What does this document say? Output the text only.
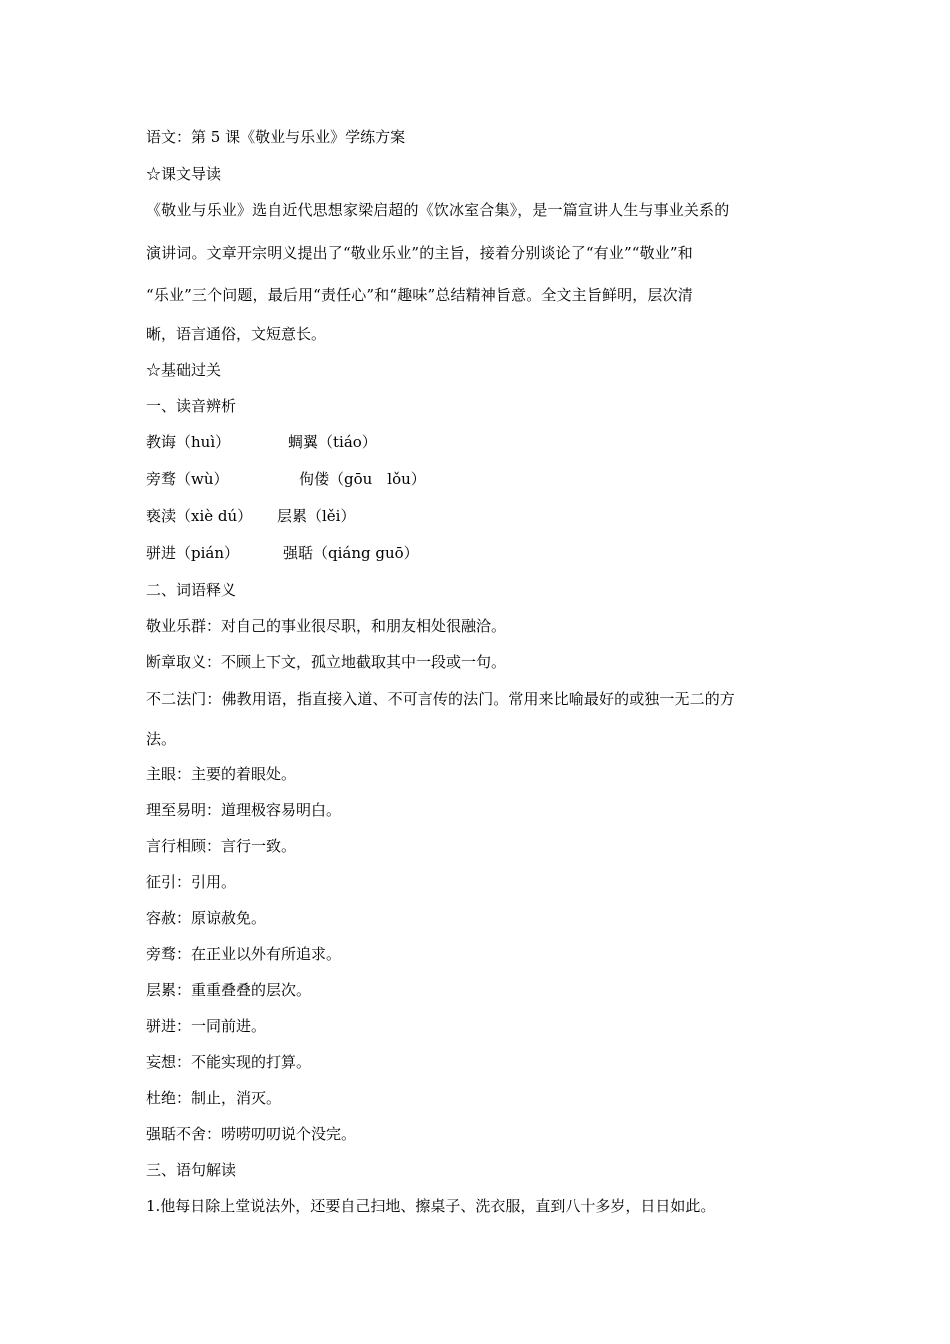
语文：第 5 课《敬业与乐业》学练方案
☆课文导读
《敬业与乐业》选自近代思想家梁启超的《饮冰室合集》，是一篇宣讲人生与事业关系的
演讲词。文章开宗明义提出了“敬业乐业”的主旨，接着分别谈论了“有业”“敬业”和
“乐业”三个问题，最后用“责任心”和“趣味”总结精神旨意。全文主旨鲜明，层次清
晰，语言通俗，文短意长。
☆基础过关
一、读音辨析
教诲（huì）	蜩翼（tiáo）
旁骛（wù）	佝偻（gōu　lǒu）
亵渎（xiè dú） 层累（lěi）
骈进（pián）	强聒（qiáng guō）
二、词语释义
敬业乐群：对自己的事业很尽职，和朋友相处很融洽。
断章取义：不顾上下文，孤立地截取其中一段或一句。
不二法门：佛教用语，指直接入道、不可言传的法门。常用来比喻最好的或独一无二的方
法。
主眼：主要的着眼处。
理至易明：道理极容易明白。
言行相顾：言行一致。
征引：引用。
容赦：原谅赦免。
旁骛：在正业以外有所追求。
层累：重重叠叠的层次。
骈进：一同前进。
妄想：不能实现的打算。
杜绝：制止，消灭。
强聒不舍：唠唠叨叨说个没完。
三、语句解读
1.他每日除上堂说法外，还要自己扫地、擦桌子、洗衣服，直到八十多岁，日日如此。
